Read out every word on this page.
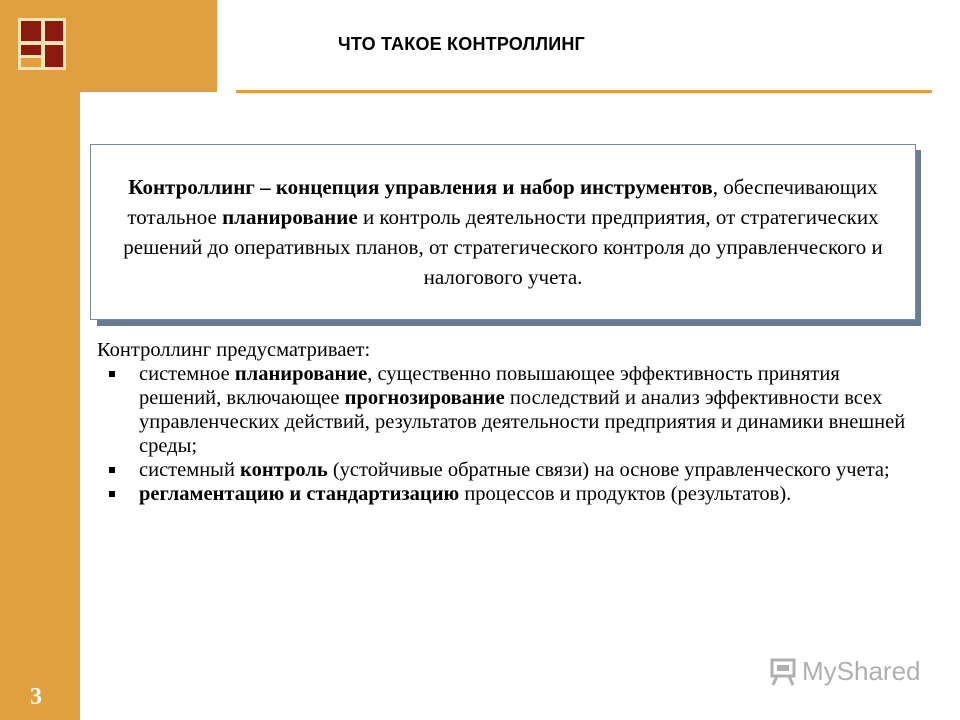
ЧТО ТАКОЕ КОНТРОЛЛИНГ
Контроллинг – концепция управления и набор инструментов, обеспечивающих тотальное планирование и контроль деятельности предприятия, от стратегических решений до оперативных планов, от стратегического контроля до управленческого и налогового учета.
Контроллинг предусматривает:
системное планирование, существенно повышающее эффективность принятия решений, включающее прогнозирование последствий и анализ эффективности всех управленческих действий, результатов деятельности предприятия и динамики внешней среды;
системный контроль (устойчивые обратные связи) на основе управленческого учета;
регламентацию и стандартизацию процессов и продуктов (результатов).
3
MyShared
